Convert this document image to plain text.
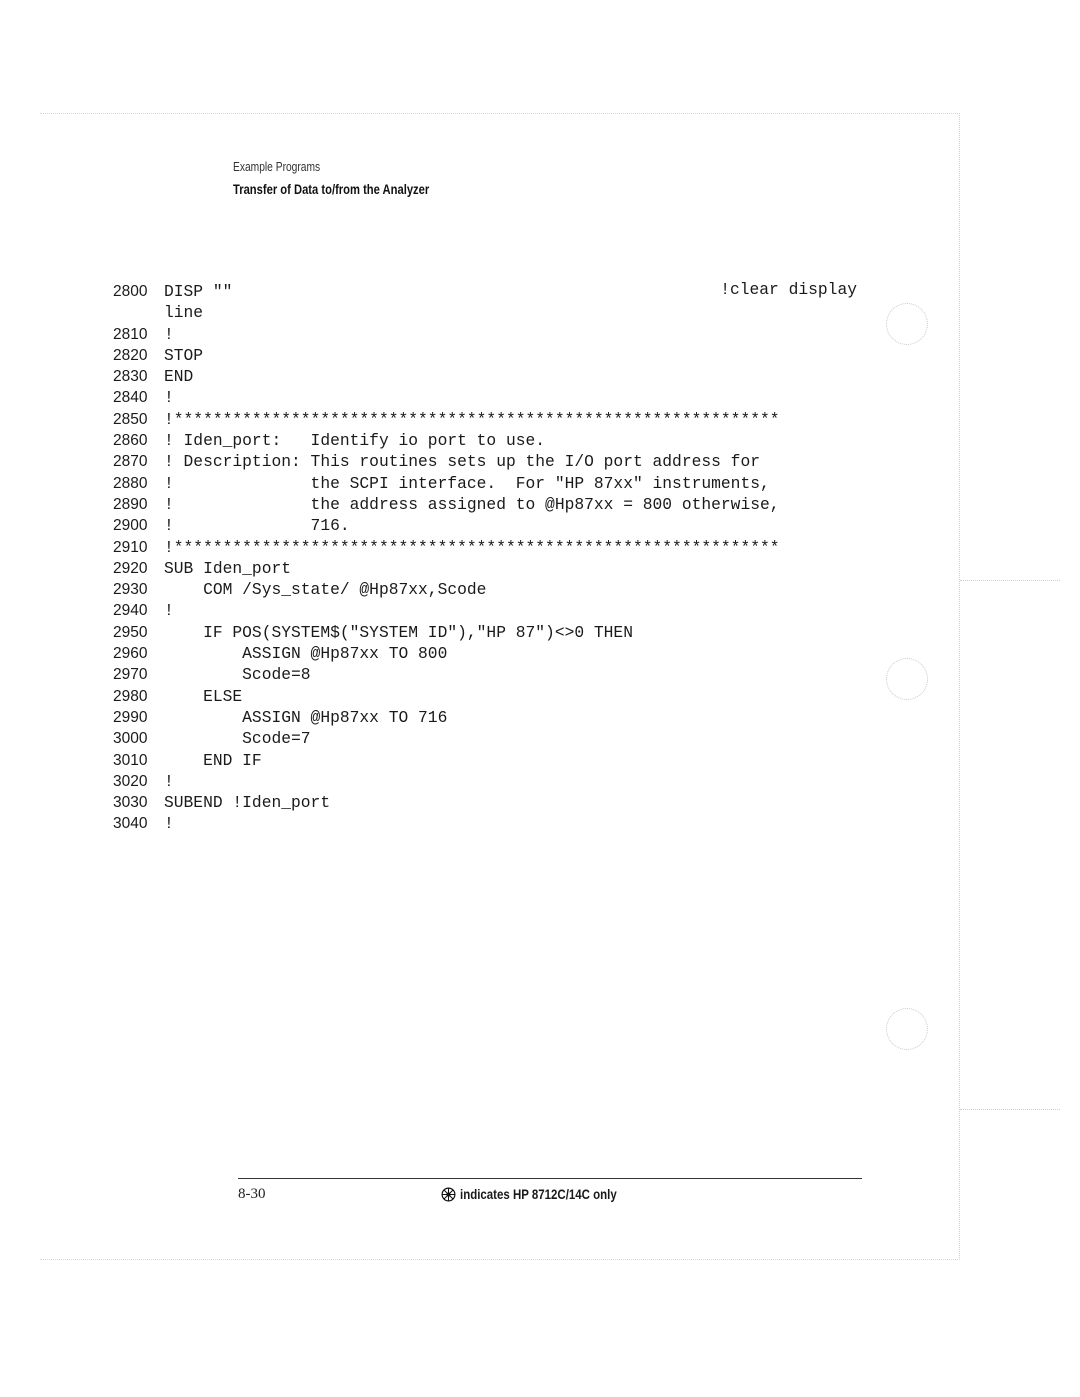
Example Programs
Transfer of Data to/from the Analyzer
2800 DISP ""	!clear display
line
2810 !
2820 STOP
2830 END
2840 !
2850 !**************************************************************
2860 ! Iden_port:   Identify io port to use.
2870 ! Description: This routines sets up the I/O port address for
2880 !              the SCPI interface.  For "HP 87xx" instruments,
2890 !              the address assigned to @Hp87xx = 800 otherwise,
2900 !              716.
2910 !**************************************************************
2920 SUB Iden_port
2930    COM /Sys_state/ @Hp87xx,Scode
2940 !
2950    IF POS(SYSTEM$("SYSTEM ID"),"HP 87")<>0 THEN
2960        ASSIGN @Hp87xx TO 800
2970        Scode=8
2980    ELSE
2990        ASSIGN @Hp87xx TO 716
3000        Scode=7
3010    END IF
3020 !
3030 SUBEND !Iden_port
3040 !
8-30	indicates HP 8712C/14C only
